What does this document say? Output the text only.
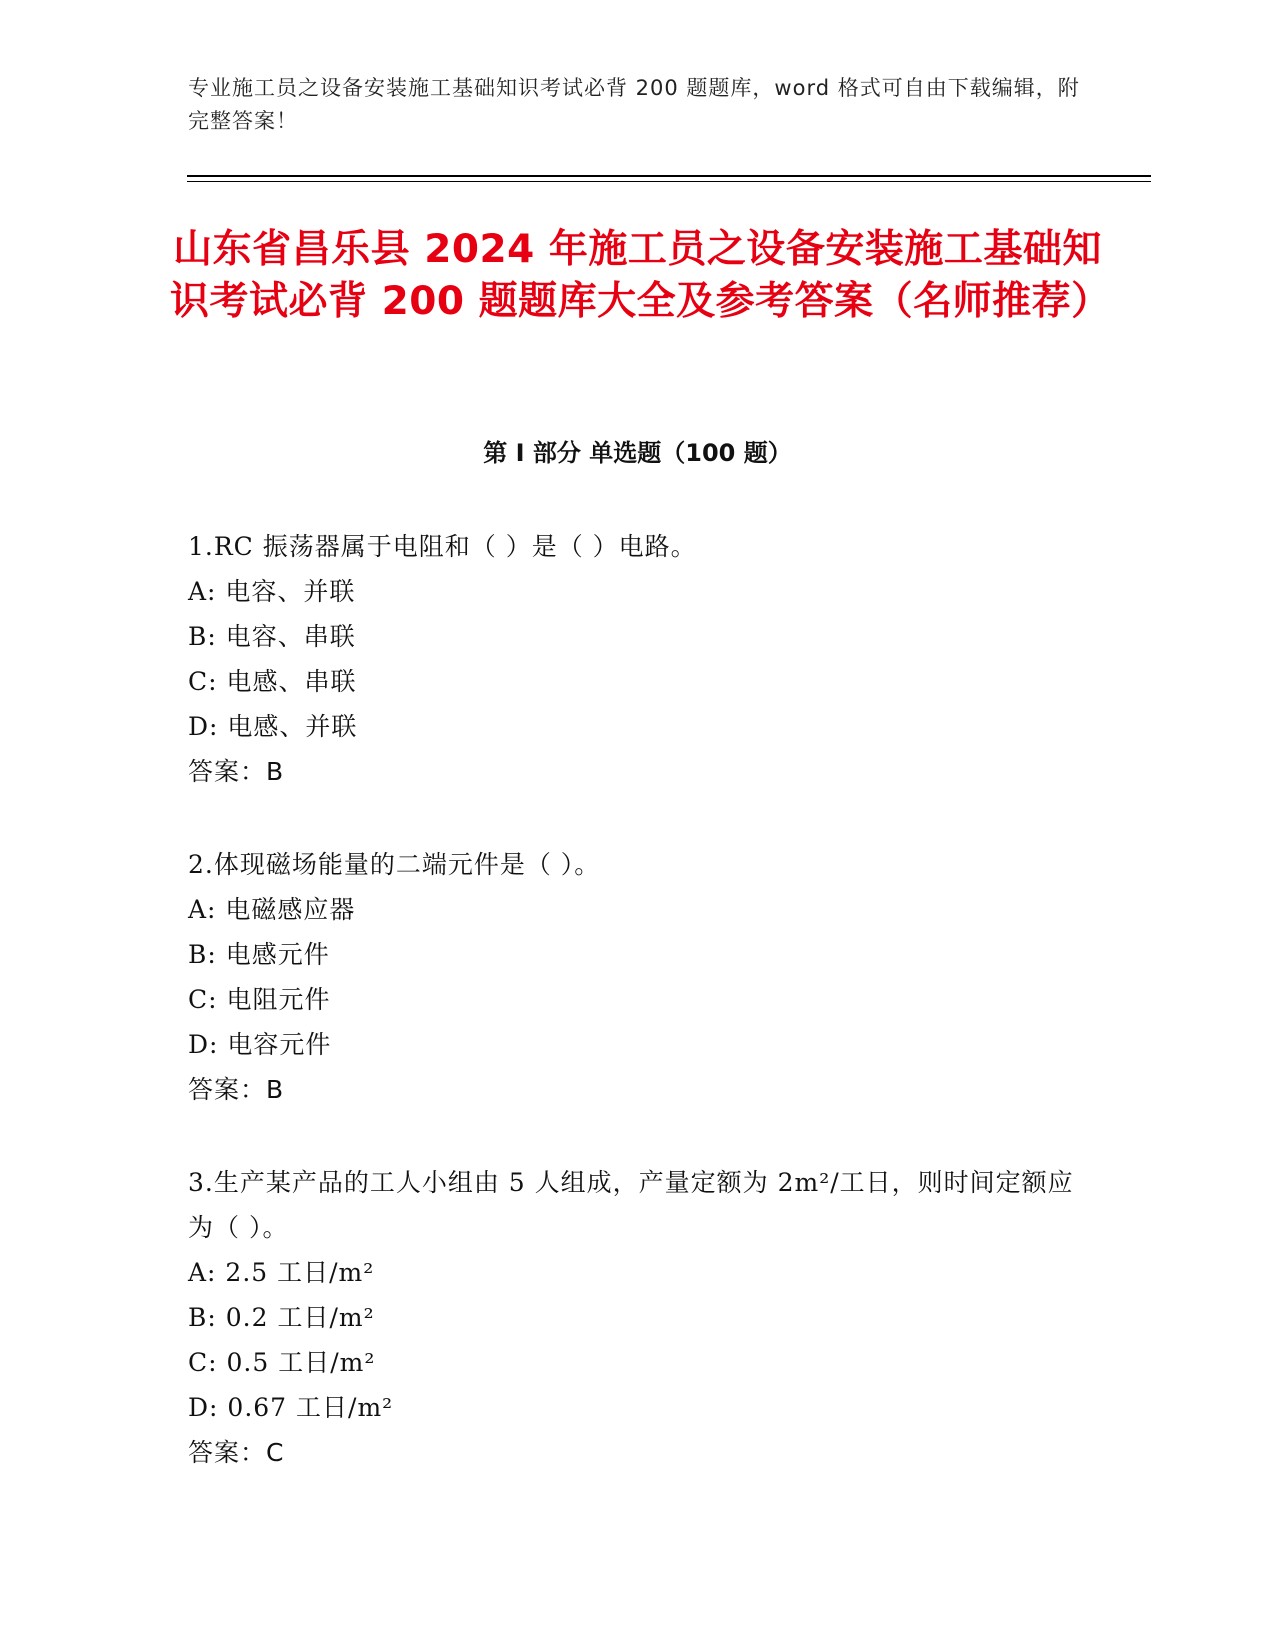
专业施工员之设备安装施工基础知识考试必背 200 题题库，word 格式可自由下载编辑，附完整答案！
山东省昌乐县 2024 年施工员之设备安装施工基础知识考试必背 200 题题库大全及参考答案（名师推荐）
第 I 部分 单选题（100 题）
1.RC 振荡器属于电阻和（ ）是（ ）电路。
A: 电容、并联
B: 电容、串联
C: 电感、串联
D: 电感、并联
答案：B
2.体现磁场能量的二端元件是（ ）。
A: 电磁感应器
B: 电感元件
C: 电阻元件
D: 电容元件
答案：B
3.生产某产品的工人小组由 5 人组成，产量定额为 2m²/工日，则时间定额应为（ ）。
A: 2.5 工日/m²
B: 0.2 工日/m²
C: 0.5 工日/m²
D: 0.67 工日/m²
答案：C
